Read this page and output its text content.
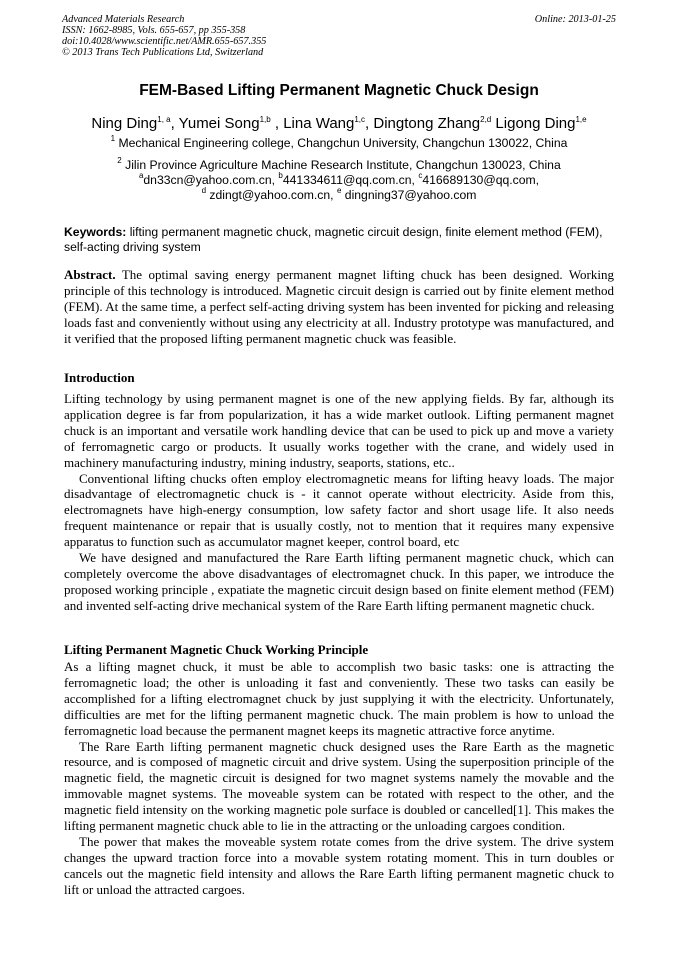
Advanced Materials Research
ISSN: 1662-8985, Vols. 655-657, pp 355-358
doi:10.4028/www.scientific.net/AMR.655-657.355
© 2013 Trans Tech Publications Ltd, Switzerland
Online: 2013-01-25
FEM-Based Lifting Permanent Magnetic Chuck Design
Ning Ding$^{1, a}$, Yumei Song$^{1,b}$ , Lina Wang$^{1,c}$, Dingtong Zhang$^{2,d}$ Ligong Ding$^{1,e}$
$^1$ Mechanical Engineering college, Changchun University, Changchun 130022, China
$^2$ Jilin Province Agriculture Machine Research Institute, Changchun 130023, China
$^a$dn33cn@yahoo.com.cn, $^b$441334611@qq.com.cn, $^c$416689130@qq.com,
$^d$ zdingt@yahoo.com.cn, $^e$ dingning37@yahoo.com
Keywords: lifting permanent magnetic chuck, magnetic circuit design, finite element method (FEM), self-acting driving system

Abstract. The optimal saving energy permanent magnet lifting chuck has been designed. Working principle of this technology is introduced. Magnetic circuit design is carried out by finite element method (FEM). At the same time, a perfect self-acting driving system has been invented for picking and releasing loads fast and conveniently without using any electricity at all. Industry prototype was manufactured, and it verified that the proposed lifting permanent magnetic chuck was feasible.

Introduction

Lifting technology by using permanent magnet is one of the new applying fields. By far, although its application degree is far from popularization, it has a wide market outlook. Lifting permanent magnet chuck is an important and versatile work handling device that can be used to pick up and move a variety of ferromagnetic cargo or products. It usually works together with the crane, and widely used in machinery manufacturing industry, mining industry, seaports, stations, etc..

Conventional lifting chucks often employ electromagnetic means for lifting heavy loads. The major disadvantage of electromagnetic chuck is - it cannot operate without electricity. Aside from this, electromagnets have high-energy consumption, low safety factor and short usage life. It also needs frequent maintenance or repair that is usually costly, not to mention that it requires many expensive apparatus to function such as accumulator magnet keeper, control board, etc

We have designed and manufactured the Rare Earth lifting permanent magnetic chuck, which can completely overcome the above disadvantages of electromagnet chuck. In this paper, we introduce the proposed working principle , expatiate the magnetic circuit design based on finite element method (FEM) and invented self-acting drive mechanical system of the Rare Earth lifting permanent magnetic chuck.

Lifting Permanent Magnetic Chuck Working Principle

As a lifting magnet chuck, it must be able to accomplish two basic tasks: one is attracting the ferromagnetic load; the other is unloading it fast and conveniently. These two tasks can easily be accomplished for a lifting electromagnet chuck by just supplying it with the electricity. Unfortunately, difficulties are met for the lifting permanent magnetic chuck. The main problem is how to unload the ferromagnetic load because the permanent magnet keeps its magnetic attractive force anytime.

The Rare Earth lifting permanent magnetic chuck designed uses the Rare Earth as the magnetic resource, and is composed of magnetic circuit and drive system. Using the superposition principle of the magnetic field, the magnetic circuit is designed for two magnet systems namely the movable and the immovable magnet systems. The moveable system can be rotated with respect to the other, and the magnetic field intensity on the working magnetic pole surface is doubled or cancelled[1]. This makes the lifting permanent magnetic chuck able to lie in the attracting or the unloading cargoes condition.

The power that makes the moveable system rotate comes from the drive system. The drive system changes the upward traction force into a movable system rotating moment. This in turn doubles or cancels out the magnetic field intensity and allows the Rare Earth lifting permanent magnetic chuck to lift or unload the attracted cargoes.
